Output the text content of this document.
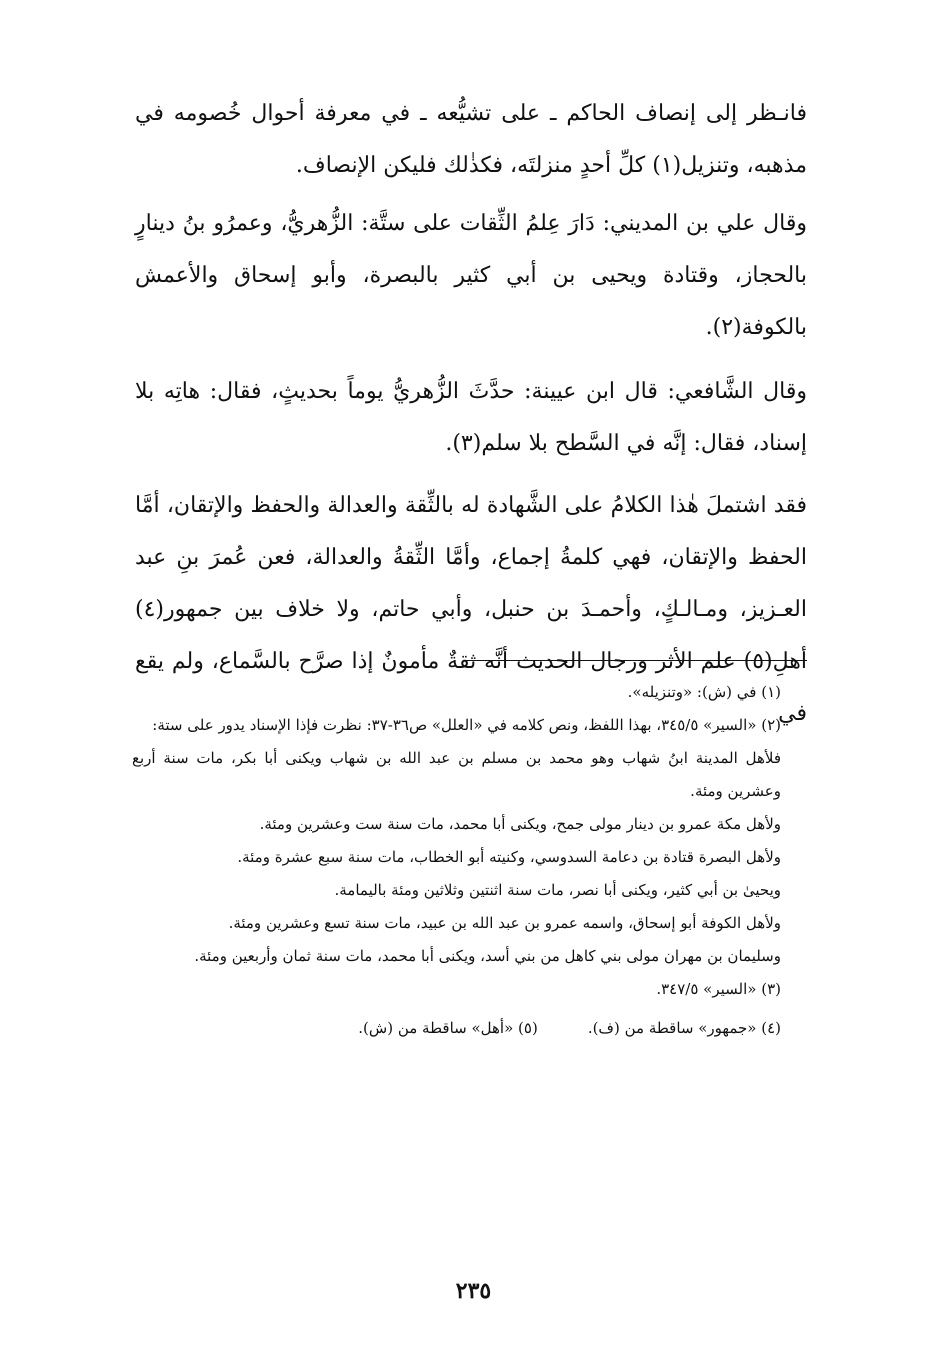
فانـظر إلى إنصاف الحاكم ـ على تشيُّعه ـ في معرفة أحوال خُصومه في مذهبه، وتنزيل(١) كلِّ أحدٍ منزلتَه، فكذٰلك فليكن الإنصاف.

وقال علي بن المديني: دَارَ عِلمُ الثِّقات على ستَّة: الزُّهريُّ، وعمرُو بنُ دينارٍ بالحجاز، وقتادة ويحيى بن أبي كثير بالبصرة، وأبو إسحاق والأعمش بالكوفة(٢).

وقال الشَّافعي: قال ابن عيينة: حدَّثَ الزُّهريُّ يوماً بحديثٍ، فقال: هاتِه بلا إسناد، فقال: إنَّه في السَّطح بلا سلم(٣).

فقد اشتملَ هٰذا الكلامُ على الشَّهادة له بالثِّقة والعدالة والحفظ والإتقان، أمَّا الحفظ والإتقان، فهي كلمةُ إجماع، وأمَّا الثِّقةُ والعدالة، فعن عُمرَ بنِ عبد العـزيز، ومـالـكٍ، وأحمـدَ بن حنبل، وأبي حاتم، ولا خلاف بين جمهور(٤) أهلِ(٥) علم الأثر ورجال الحديث أنَّه ثقةٌ مأمونٌ إذا صرَّح بالسَّماع، ولم يقع في

(١) في (ش): «وتنزيله».

(٢) «السير» ٣٤٥/٥، بهذا اللفظ، ونص كلامه في «العلل» ص٣٦-٣٧: نظرت فإذا الإسناد يدور على ستة:

فلأهل المدينة ابنُ شهاب وهو محمد بن مسلم بن عبد الله بن شهاب ويكنى أبا بكر، مات سنة أربع وعشرين ومئة.

ولأهل مكة عمرو بن دينار مولى جمح، ويكنى أبا محمد، مات سنة ست وعشرين ومئة.

ولأهل البصرة قتادة بن دعامة السدوسي، وكنيته أبو الخطاب، مات سنة سبع عشرة ومئة.

ويحيىٰ بن أبي كثير، ويكنى أبا نصر، مات سنة اثنتين وثلاثين ومئة باليمامة.

ولأهل الكوفة أبو إسحاق، واسمه عمرو بن عبد الله بن عبيد، مات سنة تسع وعشرين ومئة.

وسليمان بن مهران مولى بني كاهل من بني أسد، ويكنى أبا محمد، مات سنة ثمان وأربعين ومئة.

(٣) «السير» ٣٤٧/٥.

(٤) «جمهور» ساقطة من (ف).
(٥) «أهل» ساقطة من (ش).
٢٣٥
